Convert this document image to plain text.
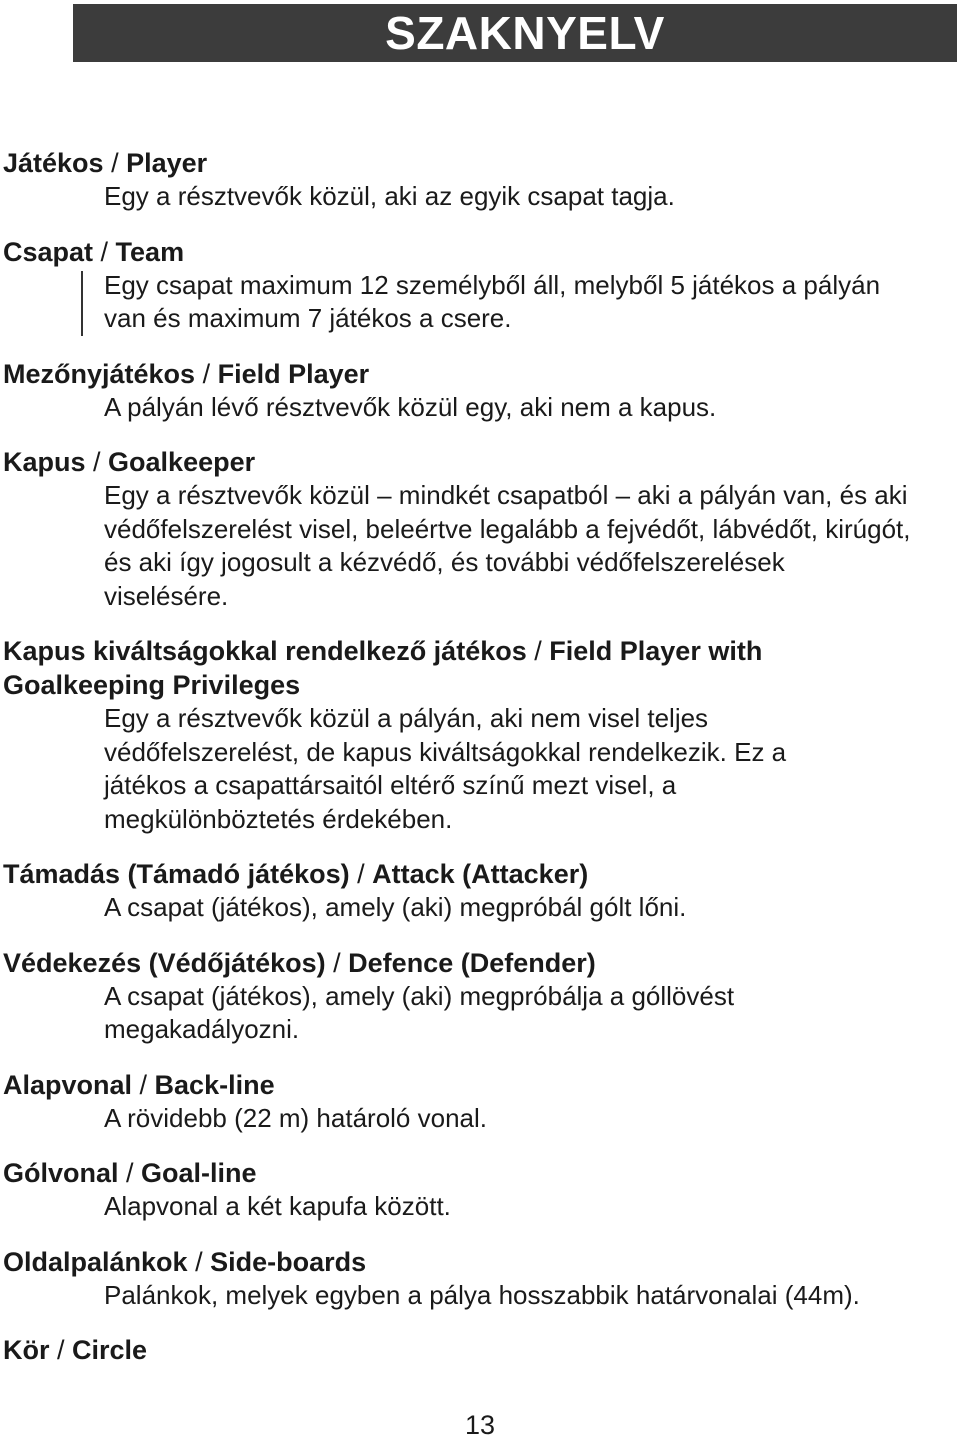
SZAKNYELV
Játékos / Player
Egy a résztvevők közül, aki az egyik csapat tagja.
Csapat / Team
Egy csapat maximum 12 személyből áll, melyből 5 játékos a pályán van és maximum 7 játékos a csere.
Mezőnyjátékos / Field Player
A pályán lévő résztvevők közül egy, aki nem a kapus.
Kapus / Goalkeeper
Egy a résztvevők közül – mindkét csapatból – aki a pályán van, és aki védőfelszerelést visel, beleértve legalább a fejvédőt, lábvédőt, kirúgót, és aki így jogosult a kézvédő, és további védőfelszerelések viselésére.
Kapus kiváltságokkal rendelkező játékos / Field Player with Goalkeeping Privileges
Egy a résztvevők közül a pályán, aki nem visel teljes védőfelszerelést, de kapus kiváltságokkal rendelkezik. Ez a játékos a csapattársaitól eltérő színű mezt visel, a megkülönböztetés érdekében.
Támadás (Támadó játékos) / Attack (Attacker)
A csapat (játékos), amely (aki) megpróbál gólt lőni.
Védekezés (Védőjátékos) / Defence (Defender)
A csapat (játékos), amely (aki) megpróbálja a góllövést megakadályozni.
Alapvonal / Back-line
A rövidebb (22 m) határoló vonal.
Gólvonal / Goal-line
Alapvonal a két kapufa között.
Oldalpalánkok / Side-boards
Palánkok, melyek egyben a pálya hosszabbik határvonalai (44m).
Kör / Circle
13
